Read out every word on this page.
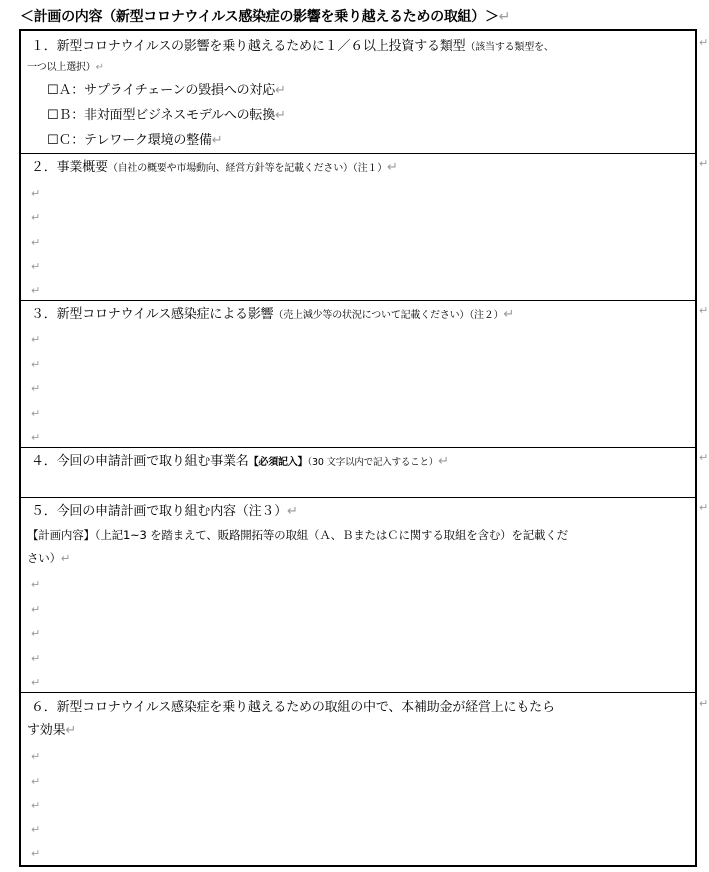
＜計画の内容（新型コロナウイルス感染症の影響を乗り越えるための取組）＞↵
１．新型コロナウイルスの影響を乗り越えるために１／６以上投資する類型（該当する類型を、
一つ以上選択）↵
☐Ａ：サプライチェーンの毀損への対応↵
☐Ｂ：非対面型ビジネスモデルへの転換↵
☐Ｃ：テレワーク環境の整備↵
２．事業概要（自社の概要や市場動向、経営方針等を記載ください）（注１）↵
↵
↵
↵
↵
↵
３．新型コロナウイルス感染症による影響（売上減少等の状況について記載ください）（注２）↵
↵
↵
↵
↵
↵
４．今回の申請計画で取り組む事業名【必須記入】（30 文字以内で記入すること）↵
５．今回の申請計画で取り組む内容（注３）↵
【計画内容】（上記1~3 を踏まえて、販路開拓等の取組（Ａ、ＢまたはＣに関する取組を含む）を記載くだ
さい）↵
↵
↵
↵
↵
↵
６．新型コロナウイルス感染症を乗り越えるための取組の中で、本補助金が経営上にもたら
す効果↵
↵
↵
↵
↵
↵
↵
↵
↵
↵
↵
↵
